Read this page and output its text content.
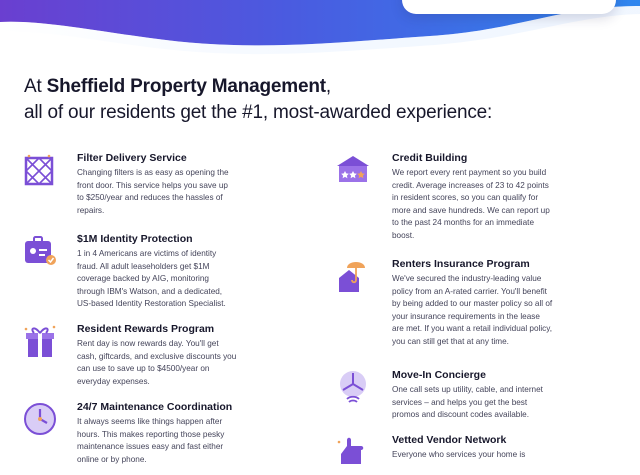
At Sheffield Property Management,
all of our residents get the #1, most-awarded experience:
Filter Delivery Service
Changing filters is as easy as opening the front door. This service helps you save up to $250/year and reduces the hassles of repairs.
$1M Identity Protection
1 in 4 Americans are victims of identity fraud. All adult leaseholders get $1M coverage backed by AIG, monitoring through IBM's Watson, and a dedicated, US-based Identity Restoration Specialist.
Resident Rewards Program
Rent day is now rewards day. You'll get cash, giftcards, and exclusive discounts you can use to save up to $4500/year on everyday expenses.
24/7 Maintenance Coordination
It always seems like things happen after hours. This makes reporting those pesky maintenance issues easy and fast either online or by phone.
Credit Building
We report every rent payment so you build credit. Average increases of 23 to 42 points in resident scores, so you can qualify for more and save hundreds. We can report up to the past 24 months for an immediate boost.
Renters Insurance Program
We've secured the industry-leading value policy from an A-rated carrier. You'll benefit by being added to our master policy so all of your insurance requirements in the lease are met. If you want a retail individual policy, you can still get that at any time.
Move-In Concierge
One call sets up utility, cable, and internet services – and helps you get the best promos and discount codes available.
Vetted Vendor Network
Everyone who services your home is
